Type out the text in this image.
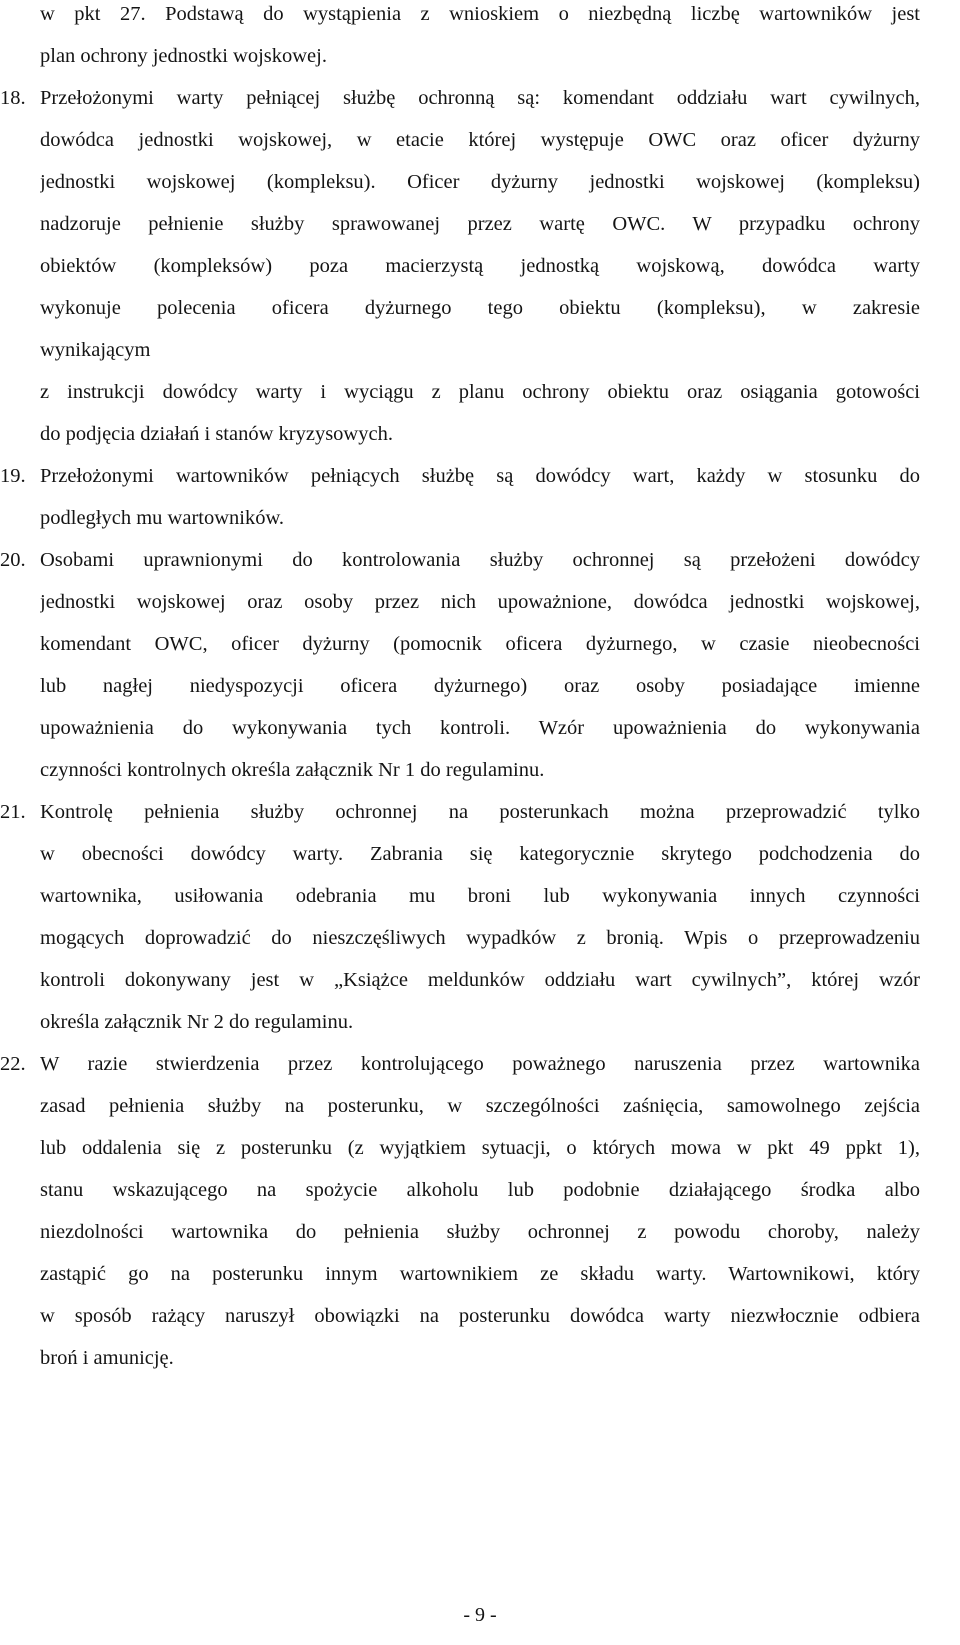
w pkt 27. Podstawą do wystąpienia z wnioskiem o niezbędną liczbę wartowników jest
plan ochrony jednostki wojskowej.
18. Przełożonymi warty pełniącej służbę ochronną są: komendant oddziału wart cywilnych,
dowódca jednostki wojskowej, w etacie której występuje OWC oraz oficer dyżurny
jednostki wojskowej (kompleksu). Oficer dyżurny jednostki wojskowej (kompleksu)
nadzoruje pełnienie służby sprawowanej przez wartę OWC. W przypadku ochrony
obiektów (kompleksów) poza macierzystą jednostką wojskową, dowódca warty
wykonuje polecenia oficera dyżurnego tego obiektu (kompleksu), w zakresie
wynikającym
z instrukcji dowódcy warty i wyciągu z planu ochrony obiektu oraz osiągania gotowości
do podjęcia działań i stanów kryzysowych.
19. Przełożonymi wartowników pełniących służbę są dowódcy wart, każdy w stosunku do
podległych mu wartowników.
20. Osobami uprawnionymi do kontrolowania służby ochronnej są przełożeni dowódcy
jednostki wojskowej oraz osoby przez nich upoważnione, dowódca jednostki wojskowej,
komendant OWC, oficer dyżurny (pomocnik oficera dyżurnego, w czasie nieobecności
lub nagłej niedyspozycji oficera dyżurnego) oraz osoby posiadające imienne
upoważnienia do wykonywania tych kontroli. Wzór upoważnienia do wykonywania
czynności kontrolnych określa załącznik Nr 1 do regulaminu.
21. Kontrolę pełnienia służby ochronnej na posterunkach można przeprowadzić tylko
w obecności dowódcy warty. Zabrania się kategorycznie skrytego podchodzenia do
wartownika, usiłowania odebrania mu broni lub wykonywania innych czynności
mogących doprowadzić do nieszczęśliwych wypadków z bronią. Wpis o przeprowadzeniu
kontroli dokonywany jest w „Książce meldunków oddziału wart cywilnych”, której wzór
określa załącznik Nr 2 do regulaminu.
22. W razie stwierdzenia przez kontrolującego poważnego naruszenia przez wartownika
zasad pełnienia służby na posterunku, w szczególności zaśnięcia, samowolnego zejścia
lub oddalenia się z posterunku (z wyjątkiem sytuacji, o których mowa w pkt 49 ppkt 1),
stanu wskazującego na spożycie alkoholu lub podobnie działającego środka albo
niezdolności wartownika do pełnienia służby ochronnej z powodu choroby, należy
zastąpić go na posterunku innym wartownikiem ze składu warty. Wartownikowi, który
w sposób rażący naruszył obowiązki na posterunku dowódca warty niezwłocznie odbiera
broń i amunicję.
- 9 -
